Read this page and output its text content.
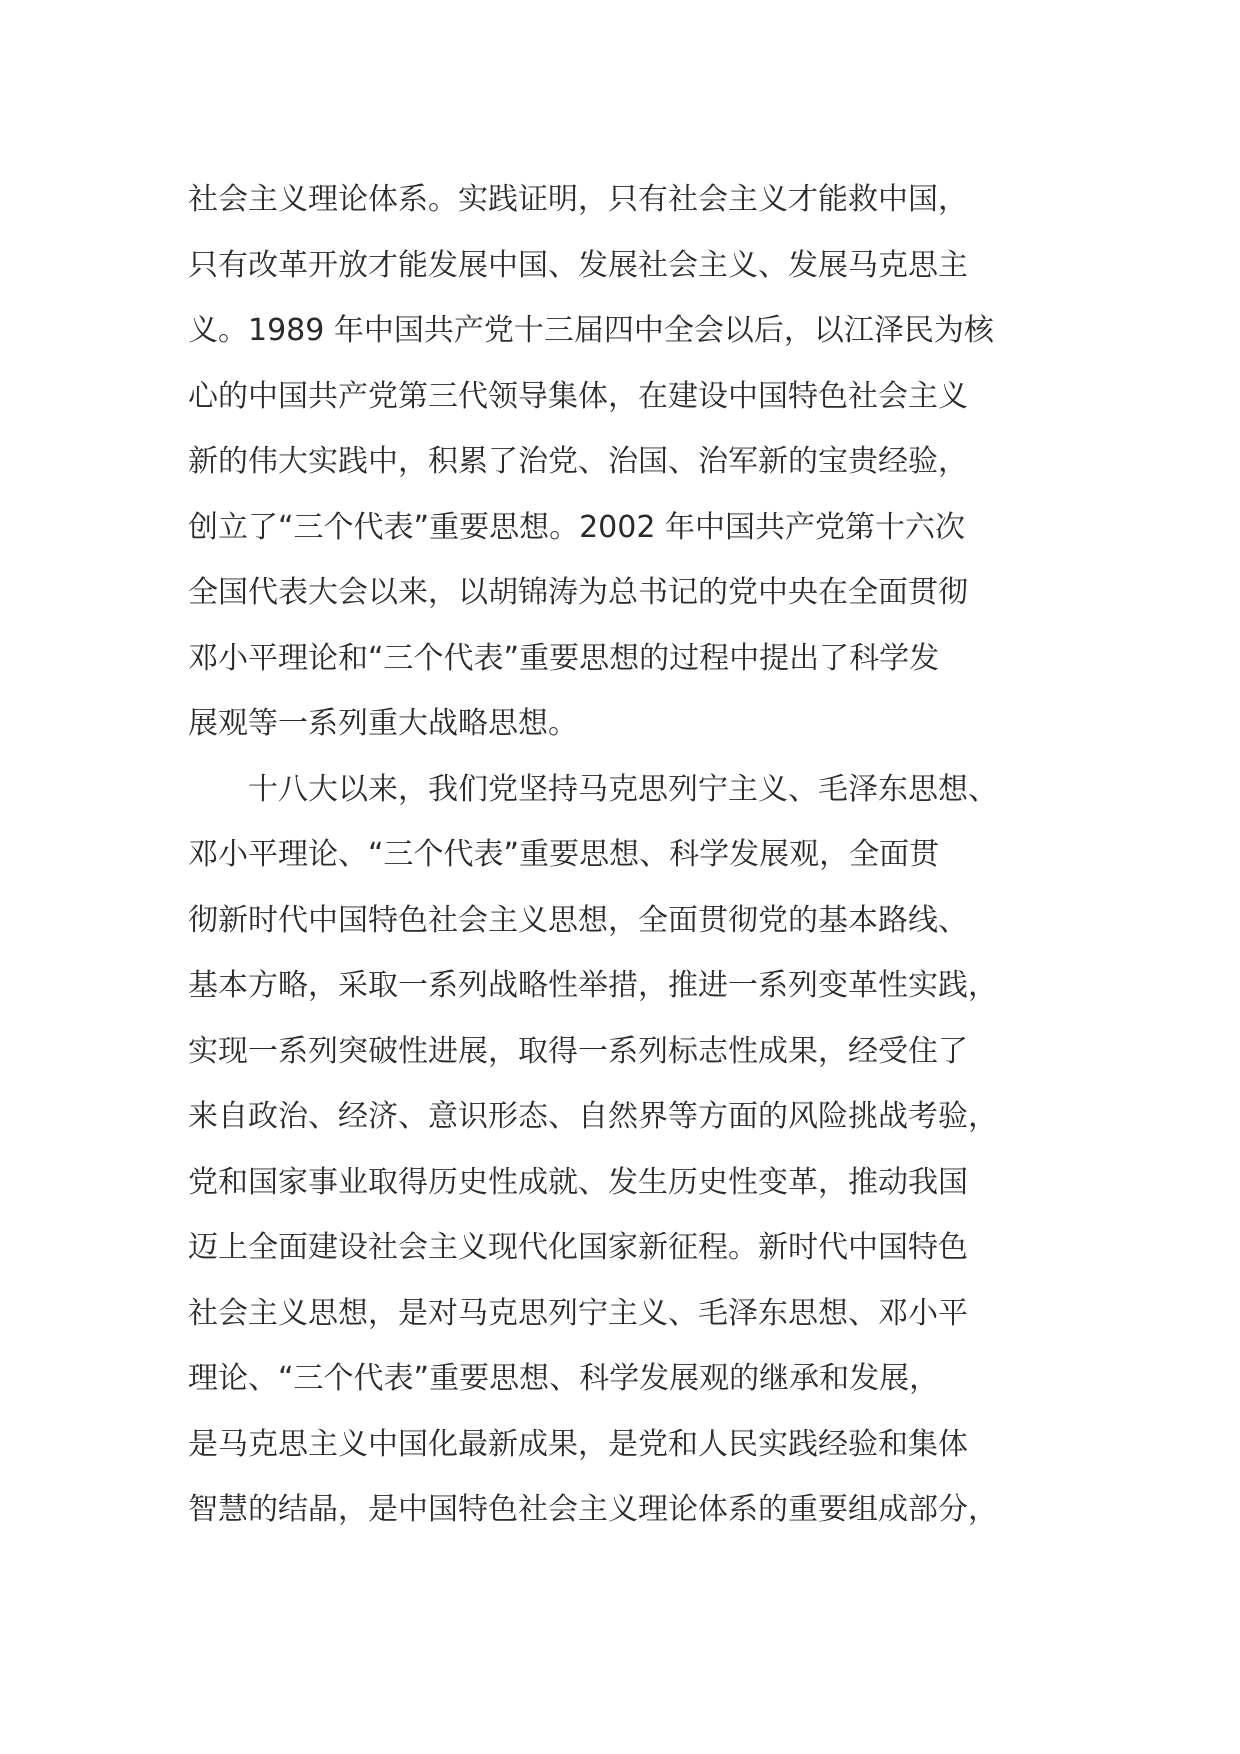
社会主义理论体系。实践证明，只有社会主义才能救中国，
只有改革开放才能发展中国、发展社会主义、发展马克思主
义。1989 年中国共产党十三届四中全会以后，以江泽民为核
心的中国共产党第三代领导集体，在建设中国特色社会主义
新的伟大实践中，积累了治党、治国、治军新的宝贵经验，
创立了“三个代表”重要思想。2002 年中国共产党第十六次
全国代表大会以来，以胡锦涛为总书记的党中央在全面贯彻
邓小平理论和“三个代表”重要思想的过程中提出了科学发
展观等一系列重大战略思想。
　　十八大以来，我们党坚持马克思列宁主义、毛泽东思想、
邓小平理论、“三个代表”重要思想、科学发展观，全面贯
彻新时代中国特色社会主义思想，全面贯彻党的基本路线、
基本方略，采取一系列战略性举措，推进一系列变革性实践，
实现一系列突破性进展，取得一系列标志性成果，经受住了
来自政治、经济、意识形态、自然界等方面的风险挑战考验，
党和国家事业取得历史性成就、发生历史性变革，推动我国
迈上全面建设社会主义现代化国家新征程。新时代中国特色
社会主义思想，是对马克思列宁主义、毛泽东思想、邓小平
理论、“三个代表”重要思想、科学发展观的继承和发展，
是马克思主义中国化最新成果，是党和人民实践经验和集体
智慧的结晶，是中国特色社会主义理论体系的重要组成部分，
